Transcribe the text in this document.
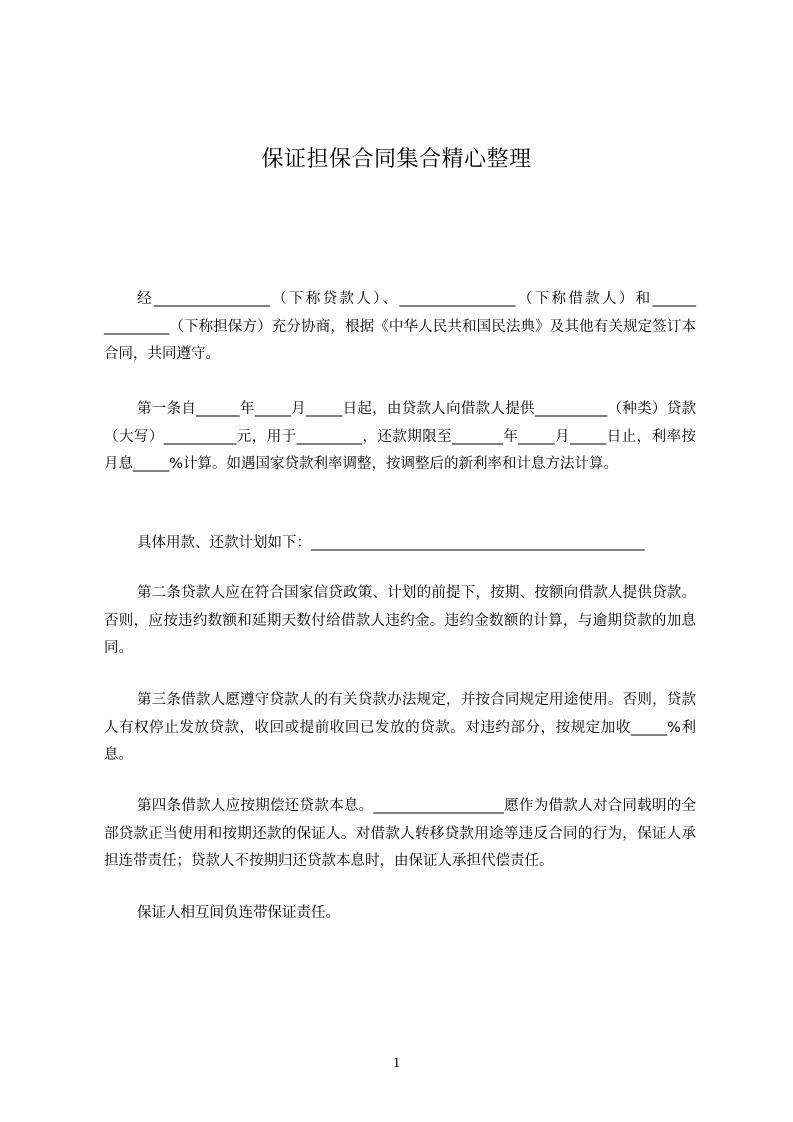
保证担保合同集合精心整理

经________________（下称贷款人）、________________（下称借款人）和______ _________（下称担保方）充分协商，根据《中华人民共和国民法典》及其他有关规定签订本合同，共同遵守。

第一条自______年_____月_____日起，由贷款人向借款人提供__________（种类）贷款（大写）__________元，用于_________，还款期限至_______年_____月_____日止，利率按月息_____%计算。如遇国家贷款利率调整，按调整后的新利率和计息方法计算。

具体用款、还款计划如下：______________________________________________

第二条贷款人应在符合国家信贷政策、计划的前提下，按期、按额向借款人提供贷款。否则，应按违约数额和延期天数付给借款人违约金。违约金数额的计算，与逾期贷款的加息同。

第三条借款人愿遵守贷款人的有关贷款办法规定，并按合同规定用途使用。否则，贷款人有权停止发放贷款，收回或提前收回已发放的贷款。对违约部分，按规定加收_____%利息。

第四条借款人应按期偿还贷款本息。__________________愿作为借款人对合同载明的全部贷款正当使用和按期还款的保证人。对借款人转移贷款用途等违反合同的行为，保证人承担连带责任；贷款人不按期归还贷款本息时，由保证人承担代偿责任。

保证人相互间负连带保证责任。

1
